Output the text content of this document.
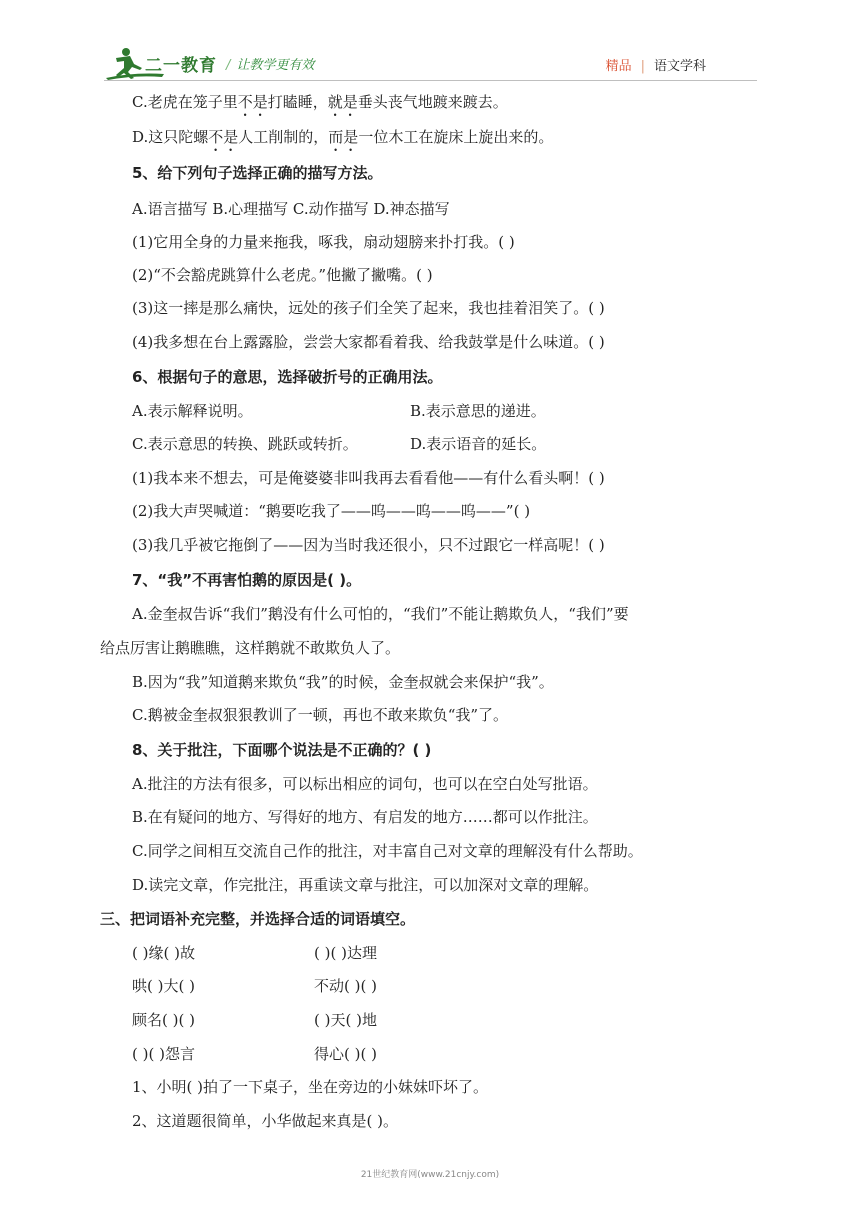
二一教育 / 让教学更有效	精品 | 语文学科
C.老虎在笼子里不是打瞌睡，就是垂头丧气地踱来踱去。
D.这只陀螺不是人工削制的，而是一位木工在旋床上旋出来的。
5、给下列句子选择正确的描写方法。
A.语言描写 B.心理描写 C.动作描写 D.神态描写
(1)它用全身的力量来拖我，啄我，扇动翅膀来扑打我。( )
(2)“不会豁虎跳算什么老虎。”他撇了撇嘴。( )
(3)这一摔是那么痛快，远处的孩子们全笑了起来，我也挂着泪笑了。( )
(4)我多想在台上露露脸，尝尝大家都看着我、给我鼓掌是什么味道。( )
6、根据句子的意思，选择破折号的正确用法。
A.表示解释说明。	B.表示意思的递进。
C.表示意思的转换、跳跃或转折。	D.表示语音的延长。
(1)我本来不想去，可是俺婆婆非叫我再去看看他——有什么看头啊！( )
(2)我大声哭喊道：“鹅要吃我了——呜——呜——呜——”( )
(3)我几乎被它拖倒了——因为当时我还很小，只不过跟它一样高呢！( )
7、“我”不再害怕鹅的原因是( )。
A.金奎叔告诉“我们”鹅没有什么可怕的，“我们”不能让鹅欺负人，“我们”要
给点厉害让鹅瞧瞧，这样鹅就不敢欺负人了。
B.因为“我”知道鹅来欺负“我”的时候，金奎叔就会来保护“我”。
C.鹅被金奎叔狠狠教训了一顿，再也不敢来欺负“我”了。
8、关于批注，下面哪个说法是不正确的？( )
A.批注的方法有很多，可以标出相应的词句，也可以在空白处写批语。
B.在有疑问的地方、写得好的地方、有启发的地方……都可以作批注。
C.同学之间相互交流自己作的批注，对丰富自己对文章的理解没有什么帮助。
D.读完文章，作完批注，再重读文章与批注，可以加深对文章的理解。
三、把词语补充完整，并选择合适的词语填空。
( )缘( )故	( )( )达理
哄( )大( )	不动( )( )
顾名( )( )	( )天( )地
( )( )怨言	得心( )( )
1、小明( )拍了一下桌子，坐在旁边的小妹妹吓坏了。
2、这道题很简单，小华做起来真是( )。
21世纪教育网(www.21cnjy.com)
